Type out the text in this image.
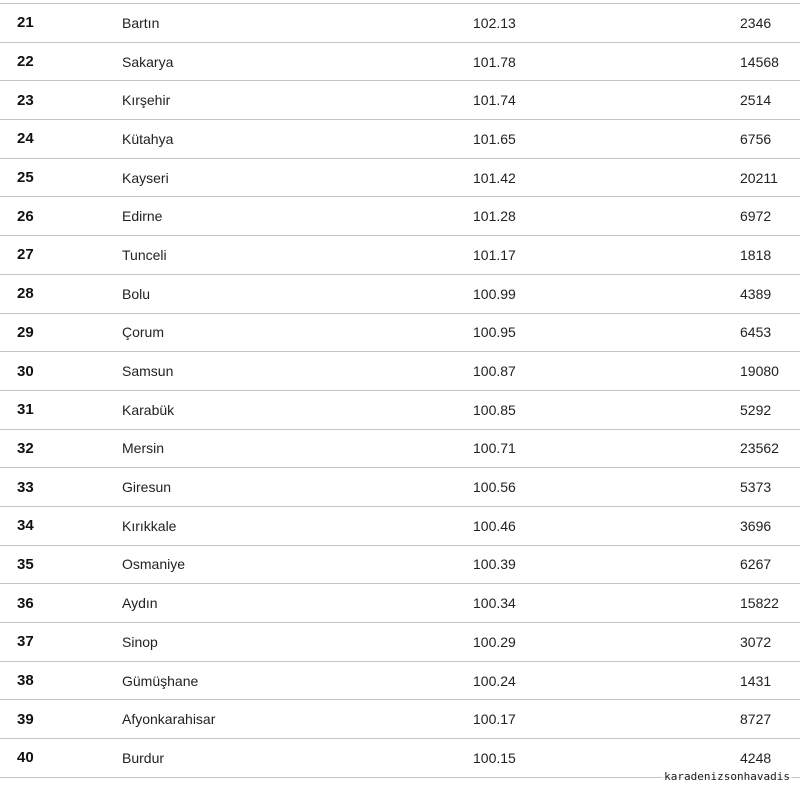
21	Bartın	102.13	2346
22	Sakarya	101.78	14568
23	Kırşehir	101.74	2514
24	Kütahya	101.65	6756
25	Kayseri	101.42	20211
26	Edirne	101.28	6972
27	Tunceli	101.17	1818
28	Bolu	100.99	4389
29	Çorum	100.95	6453
30	Samsun	100.87	19080
31	Karabük	100.85	5292
32	Mersin	100.71	23562
33	Giresun	100.56	5373
34	Kırıkkale	100.46	3696
35	Osmaniye	100.39	6267
36	Aydın	100.34	15822
37	Sinop	100.29	3072
38	Gümüşhane	100.24	1431
39	Afyonkarahisar	100.17	8727
40	Burdur	100.15	4248
karadenizsonhavadis
